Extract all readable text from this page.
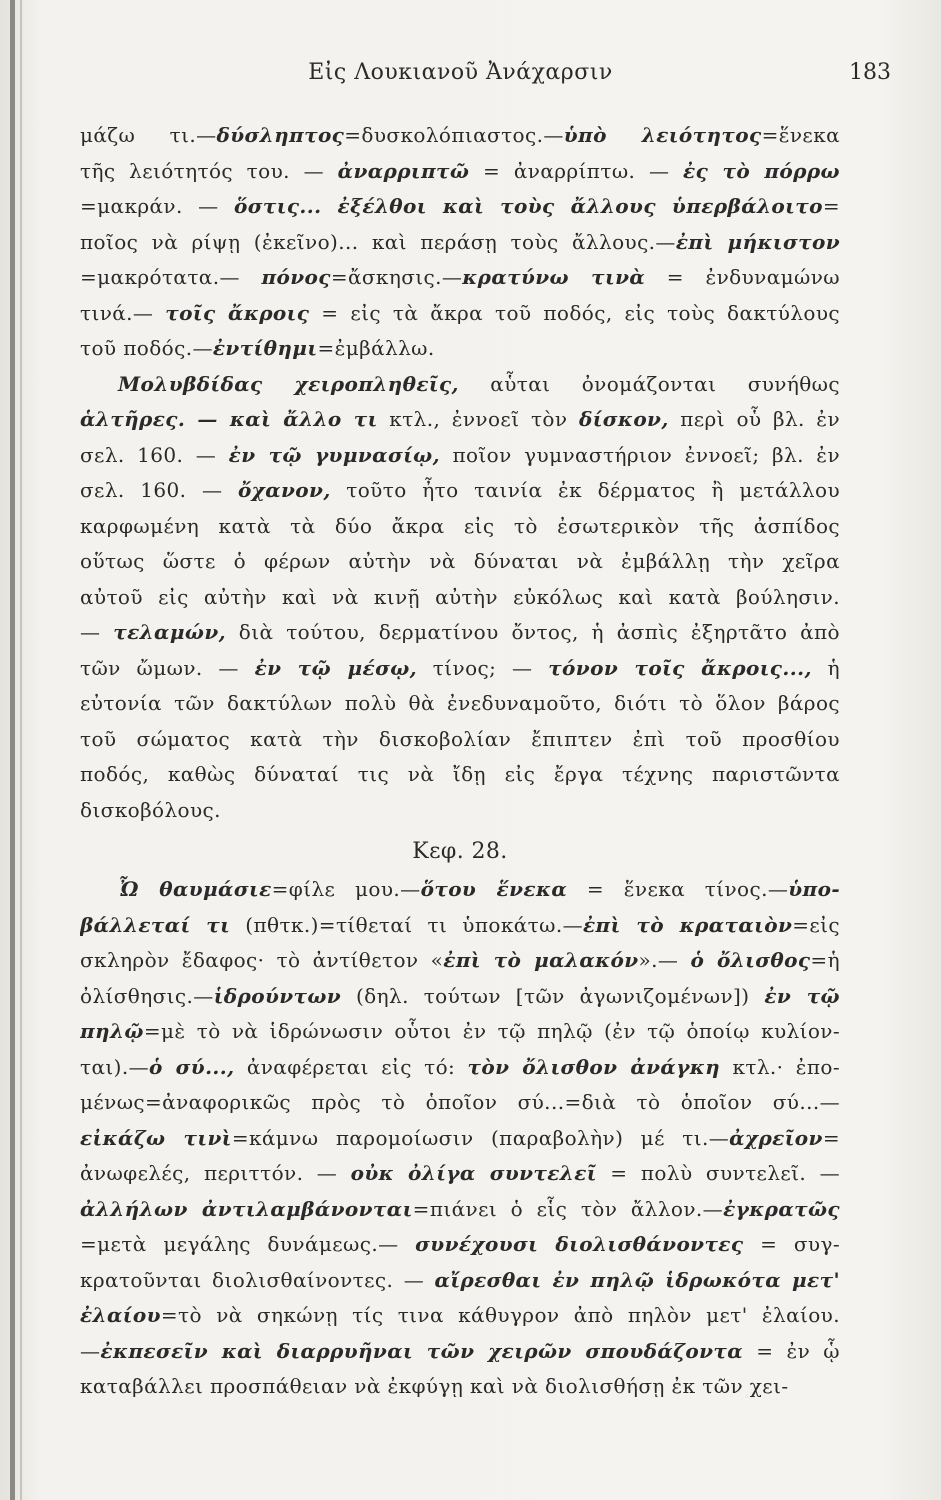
Εἰς Λουκιανοῦ Ἀνάχαρσιν	183
μάζω τι.—δύσληπτος=δυσκολόπιαστος.—ὑπὸ λειότητος=ἕνεκα
τῆς λειότητός του. — ἀναρριπτῶ = ἀναρρίπτω. — ἐς τὸ πόρρω
=μακράν. — ὅστις... ἐξέλθοι καὶ τοὺς ἄλλους ὑπερβάλοιτο=
ποῖος νὰ ρίψῃ (ἐκεῖνο)... καὶ περάσῃ τοὺς ἄλλους.—ἐπὶ μήκιστον
=μακρότατα.— πόνος=ἄσκησις.—κρατύνω τινὰ = ἐνδυναμώνω
τινά.— τοῖς ἄκροις = εἰς τὰ ἄκρα τοῦ ποδός, εἰς τοὺς δακτύλους
τοῦ ποδός.—ἐντίθημι=ἐμβάλλω.
Μολυβδίδας χειροπληθεῖς, αὗται ὀνομάζονται συνήθως
ἁλτῆρες. — καὶ ἄλλο τι κτλ., ἐννοεῖ τὸν δίσκον, περὶ οὗ βλ. ἐν
σελ. 160. — ἐν τῷ γυμνασίῳ, ποῖον γυμναστήριον ἐννοεῖ; βλ. ἐν
σελ. 160. — ὄχανον, τοῦτο ἦτο ταινία ἐκ δέρματος ἢ μετάλλου
καρφωμένη κατὰ τὰ δύο ἄκρα εἰς τὸ ἐσωτερικὸν τῆς ἀσπίδος
οὕτως ὥστε ὁ φέρων αὐτὴν νὰ δύναται νὰ ἐμβάλλῃ τὴν χεῖρα
αὐτοῦ εἰς αὐτὴν καὶ νὰ κινῇ αὐτὴν εὐκόλως καὶ κατὰ βούλησιν.
— τελαμών, διὰ τούτου, δερματίνου ὄντος, ἡ ἀσπὶς ἐξηρτᾶτο ἀπὸ
τῶν ὤμων. — ἐν τῷ μέσῳ, τίνος; — τόνον τοῖς ἄκροις..., ἡ
εὐτονία τῶν δακτύλων πολὺ θὰ ἐνεδυναμοῦτο, διότι τὸ ὅλον βάρος
τοῦ σώματος κατὰ τὴν δισκοβολίαν ἔπιπτεν ἐπὶ τοῦ προσθίου
ποδός, καθὼς δύναταί τις νὰ ἴδῃ εἰς ἔργα τέχνης παριστῶντα
δισκοβόλους.
Κεφ. 28.
Ὦ θαυμάσιε=φίλε μου.—ὅτου ἕνεκα = ἕνεκα τίνος.—ὑπο-
βάλλεταί τι (πθτκ.)=τίθεταί τι ὑποκάτω.—ἐπὶ τὸ κραταιὸν=εἰς
σκληρὸν ἔδαφος· τὸ ἀντίθετον «ἐπὶ τὸ μαλακόν».— ὁ ὄλισθος=ἡ
ὀλίσθησις.—ἱδρούντων (δηλ. τούτων [τῶν ἀγωνιζομένων]) ἐν τῷ
πηλῷ=μὲ τὸ νὰ ἱδρώνωσιν οὗτοι ἐν τῷ πηλῷ (ἐν τῷ ὁποίῳ κυλίον-
ται).—ὁ σύ..., ἀναφέρεται εἰς τό: τὸν ὄλισθον ἀνάγκη κτλ.· ἐπο-
μένως=ἀναφορικῶς πρὸς τὸ ὁποῖον σύ...=διὰ τὸ ὁποῖον σύ...—
εἰκάζω τινὶ=κάμνω παρομοίωσιν (παραβολὴν) μέ τι.—ἀχρεῖον=
ἀνωφελές, περιττόν. — οὐκ ὀλίγα συντελεῖ = πολὺ συντελεῖ. —
ἀλλήλων ἀντιλαμβάνονται=πιάνει ὁ εἷς τὸν ἄλλον.—ἐγκρατῶς
=μετὰ μεγάλης δυνάμεως.— συνέχουσι διολισθάνοντες = συγ-
κρατοῦνται διολισθαίνοντες. — αἴρεσθαι ἐν πηλῷ ἱδρωκότα μετ'
ἐλαίου=τὸ νὰ σηκώνῃ τίς τινα κάθυγρον ἀπὸ πηλὸν μετ' ἐλαίου.
—ἐκπεσεῖν καὶ διαρρυῆναι τῶν χειρῶν σπουδάζοντα = ἐν ᾧ
καταβάλλει προσπάθειαν νὰ ἐκφύγῃ καὶ νὰ διολισθήσῃ ἐκ τῶν χει-
